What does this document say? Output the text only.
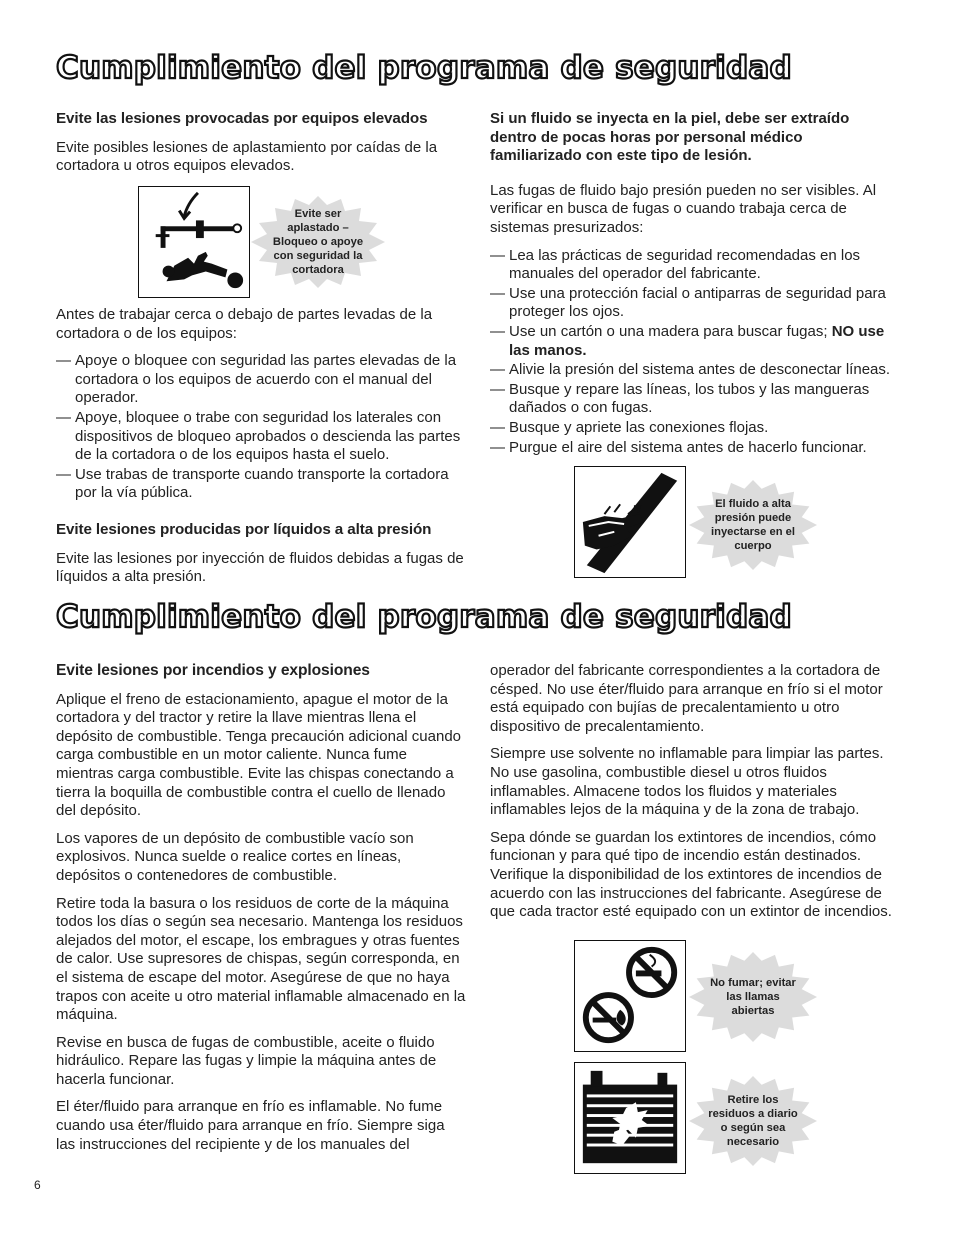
Cumplimiento del programa de seguridad
Evite las lesiones provocadas por equipos elevados

Evite posibles lesiones de aplastamiento por caídas de la cortadora u otros equipos elevados.

Evite ser aplastado – Bloqueo o apoye con seguridad la cortadora

Antes de trabajar cerca o debajo de partes levadas de la cortadora o de los equipos:

— Apoye o bloquee con seguridad las partes elevadas de la cortadora o los equipos de acuerdo con el manual del operador.
— Apoye, bloquee o trabe con seguridad los laterales con dispositivos de bloqueo aprobados o descienda las partes de la cortadora o de los equipos hasta el suelo.
— Use trabas de transporte cuando transporte la cortadora por la vía pública.
Evite lesiones producidas por líquidos a alta presión

Evite las lesiones por inyección de fluidos debidas a fugas de líquidos a alta presión.

Si un fluido se inyecta en la piel, debe ser extraído dentro de pocas horas por personal médico familiarizado con este tipo de lesión.

Las fugas de fluido bajo presión pueden no ser visibles. Al verificar en busca de fugas o cuando trabaja cerca de sistemas presurizados:

— Lea las prácticas de seguridad recomendadas en los manuales del operador del fabricante.
— Use una protección facial o antiparras de seguridad para proteger los ojos.
— Use un cartón o una madera para buscar fugas; NO use las manos.
— Alivie la presión del sistema antes de desconectar líneas.
— Busque y repare las líneas, los tubos y las mangueras dañados o con fugas.
— Busque y apriete las conexiones flojas.
— Purgue el aire del sistema antes de hacerlo funcionar.
El fluido a alta presión puede inyectarse en el cuerpo
Cumplimiento del programa de seguridad
Evite lesiones por incendios y explosiones

Aplique el freno de estacionamiento, apague el motor de la cortadora y del tractor y retire la llave mientras llena el depósito de combustible. Tenga precaución adicional cuando carga combustible en un motor caliente. Nunca fume mientras carga combustible. Evite las chispas conectando a tierra la boquilla de combustible contra el cuello de llenado del depósito.

Los vapores de un depósito de combustible vacío son explosivos. Nunca suelde o realice cortes en líneas, depósitos o contenedores de combustible.

Retire toda la basura o los residuos de corte de la máquina todos los días o según sea necesario. Mantenga los residuos alejados del motor, el escape, los embragues y otras fuentes de calor. Use supresores de chispas, según corresponda, en el sistema de escape del motor. Asegúrese de que no haya trapos con aceite u otro material inflamable almacenado en la máquina.

Revise en busca de fugas de combustible, aceite o fluido hidráulico. Repare las fugas y limpie la máquina antes de hacerla funcionar.

El éter/fluido para arranque en frío es inflamable. No fume cuando usa éter/fluido para arranque en frío. Siempre siga las instrucciones del recipiente y de los manuales del

operador del fabricante correspondientes a la cortadora de césped. No use éter/fluido para arranque en frío si el motor está equipado con bujías de precalentamiento u otro dispositivo de precalentamiento.

Siempre use solvente no inflamable para limpiar las partes. No use gasolina, combustible diesel u otros fluidos inflamables. Almacene todos los fluidos y materiales inflamables lejos de la máquina y de la zona de trabajo.

Sepa dónde se guardan los extintores de incendios, cómo funcionan y para qué tipo de incendio están destinados. Verifique la disponibilidad de los extintores de incendios de acuerdo con las instrucciones del fabricante. Asegúrese de que cada tractor esté equipado con un extintor de incendios.

No fumar; evitar las llamas abiertas
Retire los residuos a diario o según sea necesario
6
